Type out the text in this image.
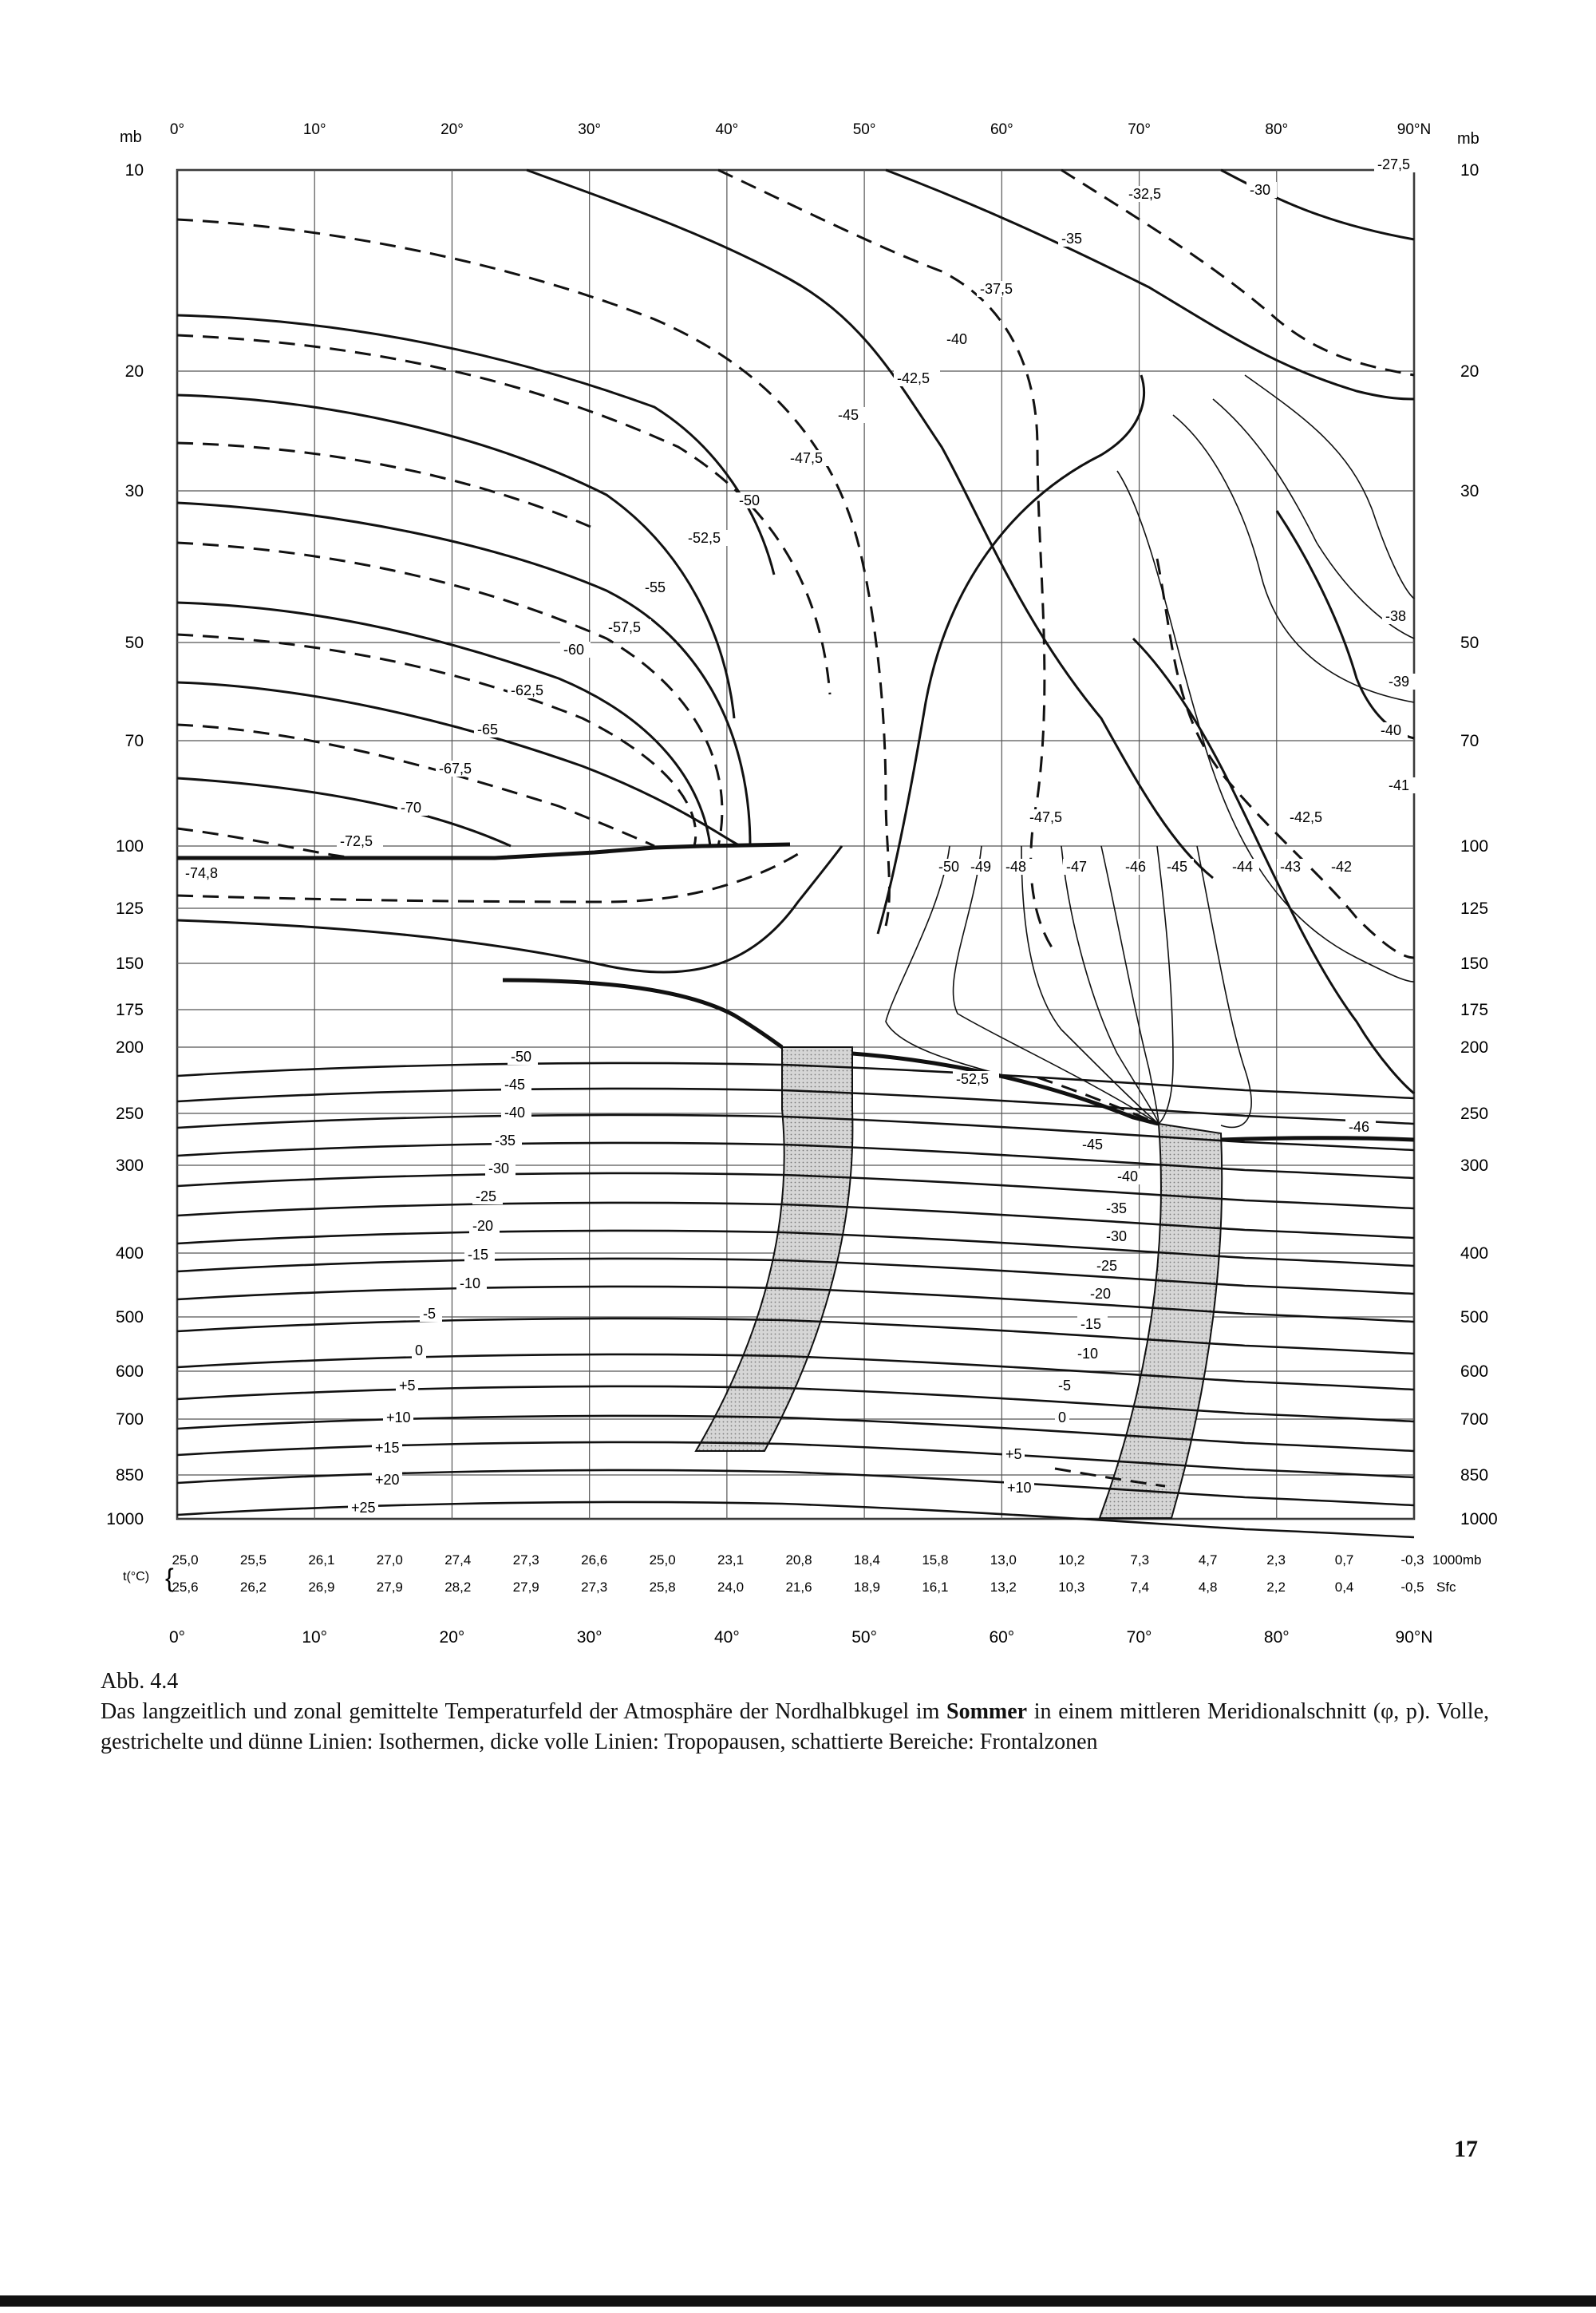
0°	10°	20°	30°	40°	50°	60°	70°	80°	90°N
0°	10°	20°	30°	40°	50°	60°	70°	80°	90°N
10
20
30
50
70
100
125
150
175
200
250
300
400
500
600
700
850
1000
10
20
30
50
70
100
125
150
175
200
250
300
400
500
600
700
850
1000
mb	mb
-27,5
-30
-32,5
-35
-37,5
-40
-42,5
-45
-47,5
-50
-52,5
-55
-57,5
-60
-62,5
-65
-67,5
-70
-72,5
-74,8
-38
-39
-40
-41
-42,5
-50 -49 -48
-47,5
-47	-46 -45	-44 -43 -42
-52,5
-46
-50
-45
-40
-35
-30
-25
-20
-15
-10
-5
0
+5
+10
+15
+20
+25
-45
-40
-35
-30
-25
-20
-15
-10
-5
0
+5
+10
t(°C) {
25,0	25,5	26,1	27,0	27,4	27,3	26,6	25,0	23,1	20,8	18,4	15,8	13,0	10,2	7,3	4,7	2,3	0,7	-0,3
25,6	26,2	26,9	27,9	28,2	27,9	27,3	25,8	24,0	21,6	18,9	16,1	13,2	10,3	7,4	4,8	2,2	0,4	-0,5
1000mb
Sfc
Abb. 4.4
Das langzeitlich und zonal gemittelte Temperaturfeld der Atmosphäre der Nordhalbkugel im Sommer in einem mittleren Meridionalschnitt (φ, p). Volle, gestrichelte und dünne Linien: Isothermen, dicke volle Linien: Tropopausen, schattierte Bereiche: Frontalzonen
17
